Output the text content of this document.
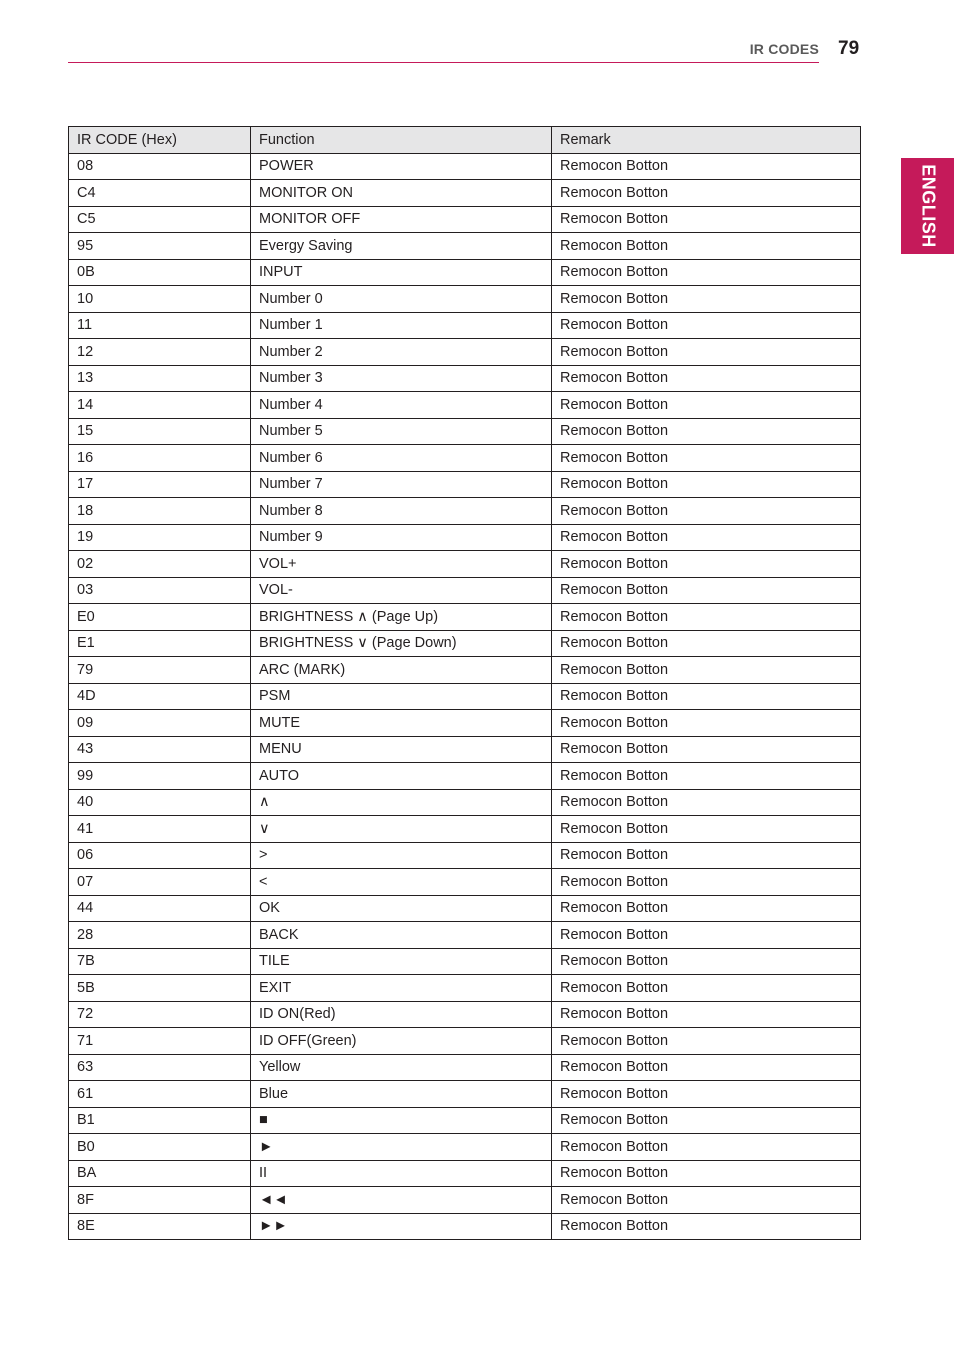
IR CODES 79
ENGLISH
IR CODE (Hex)	Function	Remark
08	POWER	Remocon Botton
C4	MONITOR ON	Remocon Botton
C5	MONITOR OFF	Remocon Botton
95	Evergy Saving	Remocon Botton
0B	INPUT	Remocon Botton
10	Number 0	Remocon Botton
11	Number 1	Remocon Botton
12	Number 2	Remocon Botton
13	Number 3	Remocon Botton
14	Number 4	Remocon Botton
15	Number 5	Remocon Botton
16	Number 6	Remocon Botton
17	Number 7	Remocon Botton
18	Number 8	Remocon Botton
19	Number 9	Remocon Botton
02	VOL+	Remocon Botton
03	VOL-	Remocon Botton
E0	BRIGHTNESS ∧ (Page Up)	Remocon Botton
E1	BRIGHTNESS ∨ (Page Down)	Remocon Botton
79	ARC (MARK)	Remocon Botton
4D	PSM	Remocon Botton
09	MUTE	Remocon Botton
43	MENU	Remocon Botton
99	AUTO	Remocon Botton
40	∧	Remocon Botton
41	∨	Remocon Botton
06	>	Remocon Botton
07	<	Remocon Botton
44	OK	Remocon Botton
28	BACK	Remocon Botton
7B	TILE	Remocon Botton
5B	EXIT	Remocon Botton
72	ID ON(Red)	Remocon Botton
71	ID OFF(Green)	Remocon Botton
63	Yellow	Remocon Botton
61	Blue	Remocon Botton
B1	■	Remocon Botton
B0	►	Remocon Botton
BA	II	Remocon Botton
8F	◄◄	Remocon Botton
8E	►►	Remocon Botton
